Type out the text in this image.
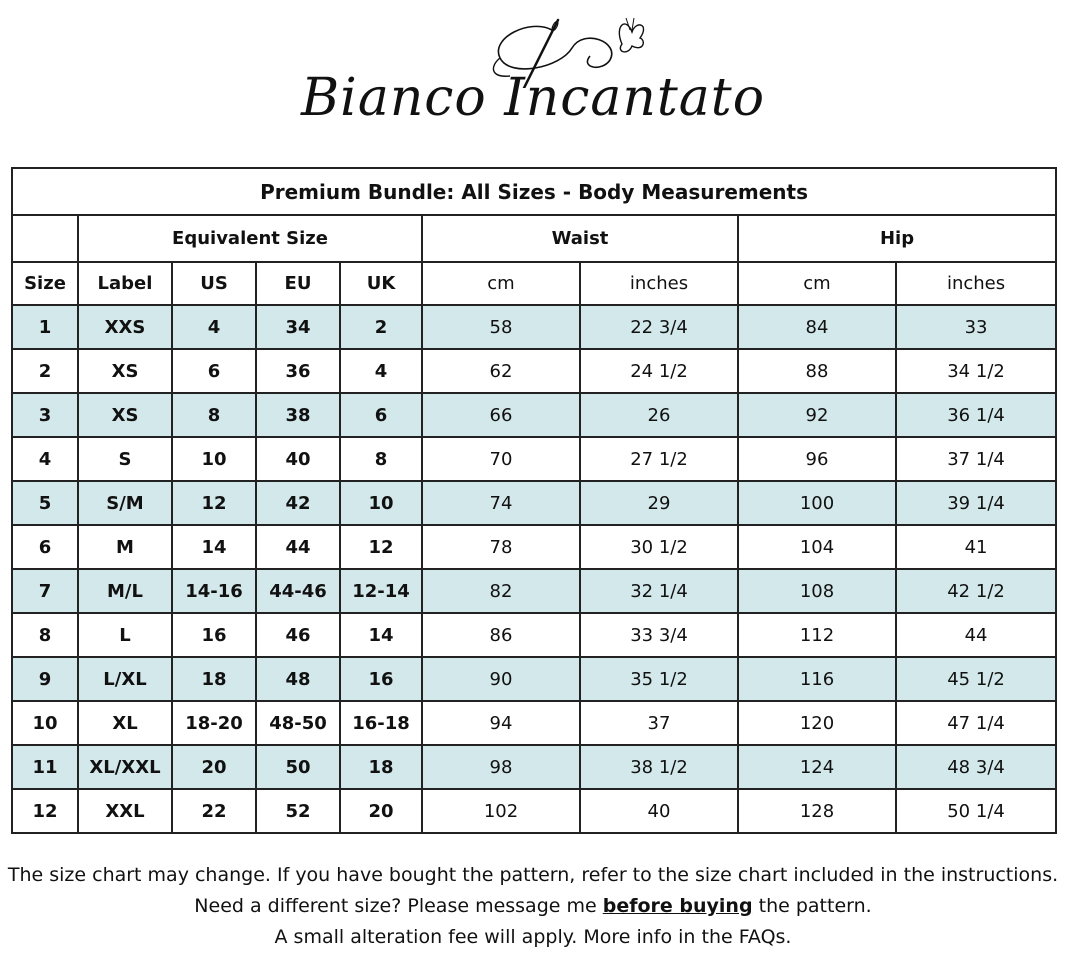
Bianco Incantato
Premium Bundle: All Sizes - Body Measurements								
	Equivalent Size				Waist		Hip	
Size	Label	US	EU	UK	cm	inches	cm	inches
1	XXS	4	34	2	58	22 3/4	84	33
2	XS	6	36	4	62	24 1/2	88	34 1/2
3	XS	8	38	6	66	26	92	36 1/4
4	S	10	40	8	70	27 1/2	96	37 1/4
5	S/M	12	42	10	74	29	100	39 1/4
6	M	14	44	12	78	30 1/2	104	41
7	M/L	14-16	44-46	12-14	82	32 1/4	108	42 1/2
8	L	16	46	14	86	33 3/4	112	44
9	L/XL	18	48	16	90	35 1/2	116	45 1/2
10	XL	18-20	48-50	16-18	94	37	120	47 1/4
11	XL/XXL	20	50	18	98	38 1/2	124	48 3/4
12	XXL	22	52	20	102	40	128	50 1/4
The size chart may change. If you have bought the pattern, refer to the size chart included in the instructions.
Need a different size? Please message me before buying the pattern.
A small alteration fee will apply. More info in the FAQs.
